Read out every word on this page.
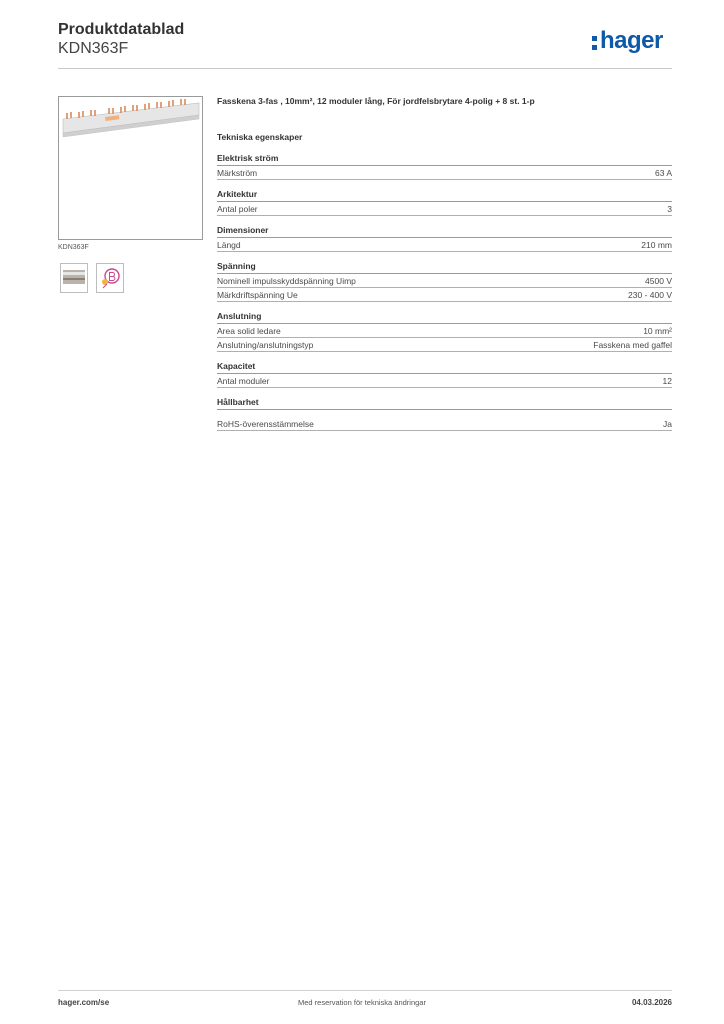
Produktdatablad
KDN363F	hager
KDN363F
Fasskena 3-fas , 10mm², 12 moduler lång, För jordfelsbrytare 4-polig + 8 st. 1-p
Tekniska egenskaper
Elektrisk ström
Märkström	63 A
Arkitektur
Antal poler	3
Dimensioner
Längd	210 mm
Spänning
Nominell impulsskyddspänning Uimp	4500 V
Märkdriftspänning Ue	230 - 400 V
Anslutning
Area solid ledare	10 mm²
Anslutning/anslutningstyp	Fasskena med gaffel
Kapacitet
Antal moduler	12
Hållbarhet
RoHS-överensstämmelse	Ja
hager.com/se	Med reservation för tekniska ändringar	04.03.2026
